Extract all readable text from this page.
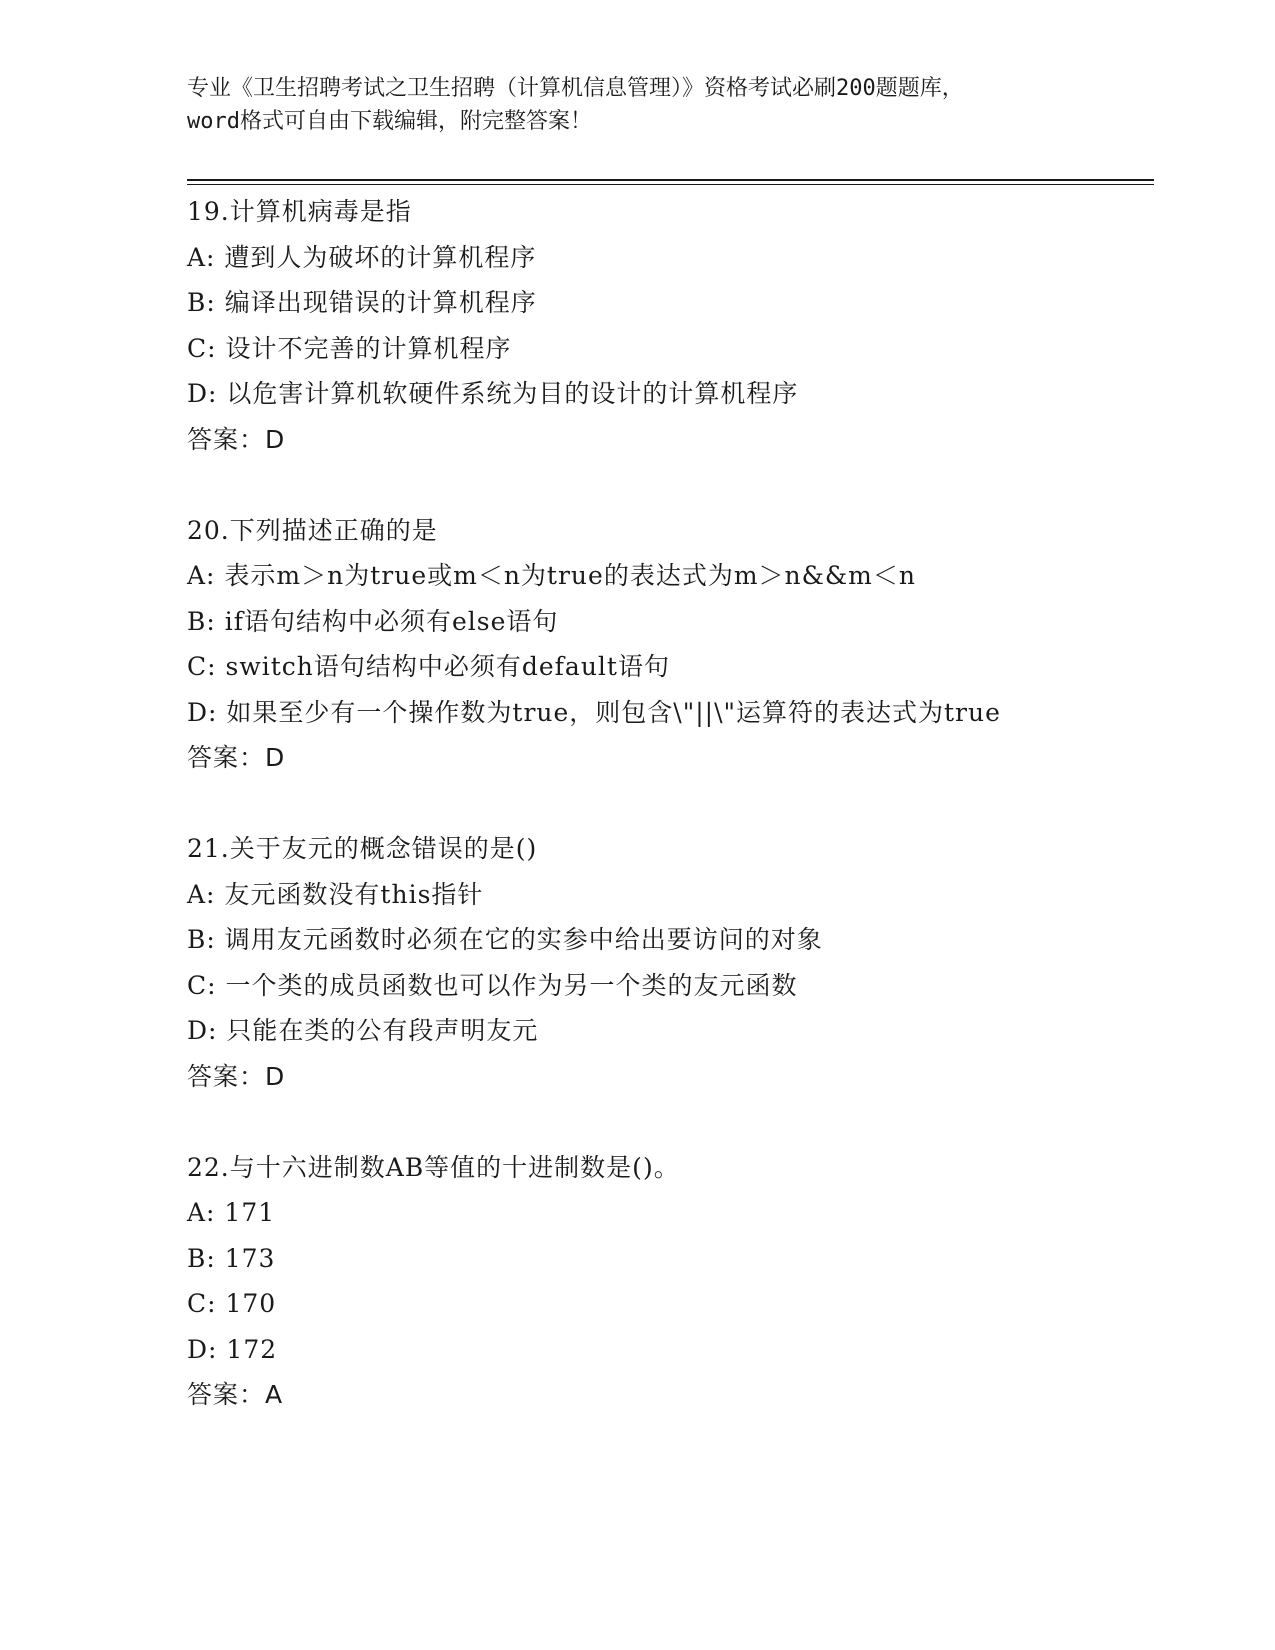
专业《卫生招聘考试之卫生招聘（计算机信息管理）》资格考试必刷200题题库，
word格式可自由下载编辑，附完整答案！
19.计算机病毒是指
A: 遭到人为破坏的计算机程序
B: 编译出现错误的计算机程序
C: 设计不完善的计算机程序
D: 以危害计算机软硬件系统为目的设计的计算机程序
答案：D
20.下列描述正确的是
A: 表示m＞n为true或m＜n为true的表达式为m＞n&&m＜n
B: if语句结构中必须有else语句
C: switch语句结构中必须有default语句
D: 如果至少有一个操作数为true，则包含\"||\"运算符的表达式为true
答案：D
21.关于友元的概念错误的是()
A: 友元函数没有this指针
B: 调用友元函数时必须在它的实参中给出要访问的对象
C: 一个类的成员函数也可以作为另一个类的友元函数
D: 只能在类的公有段声明友元
答案：D
22.与十六进制数AB等值的十进制数是()。
A: 171
B: 173
C: 170
D: 172
答案：A
